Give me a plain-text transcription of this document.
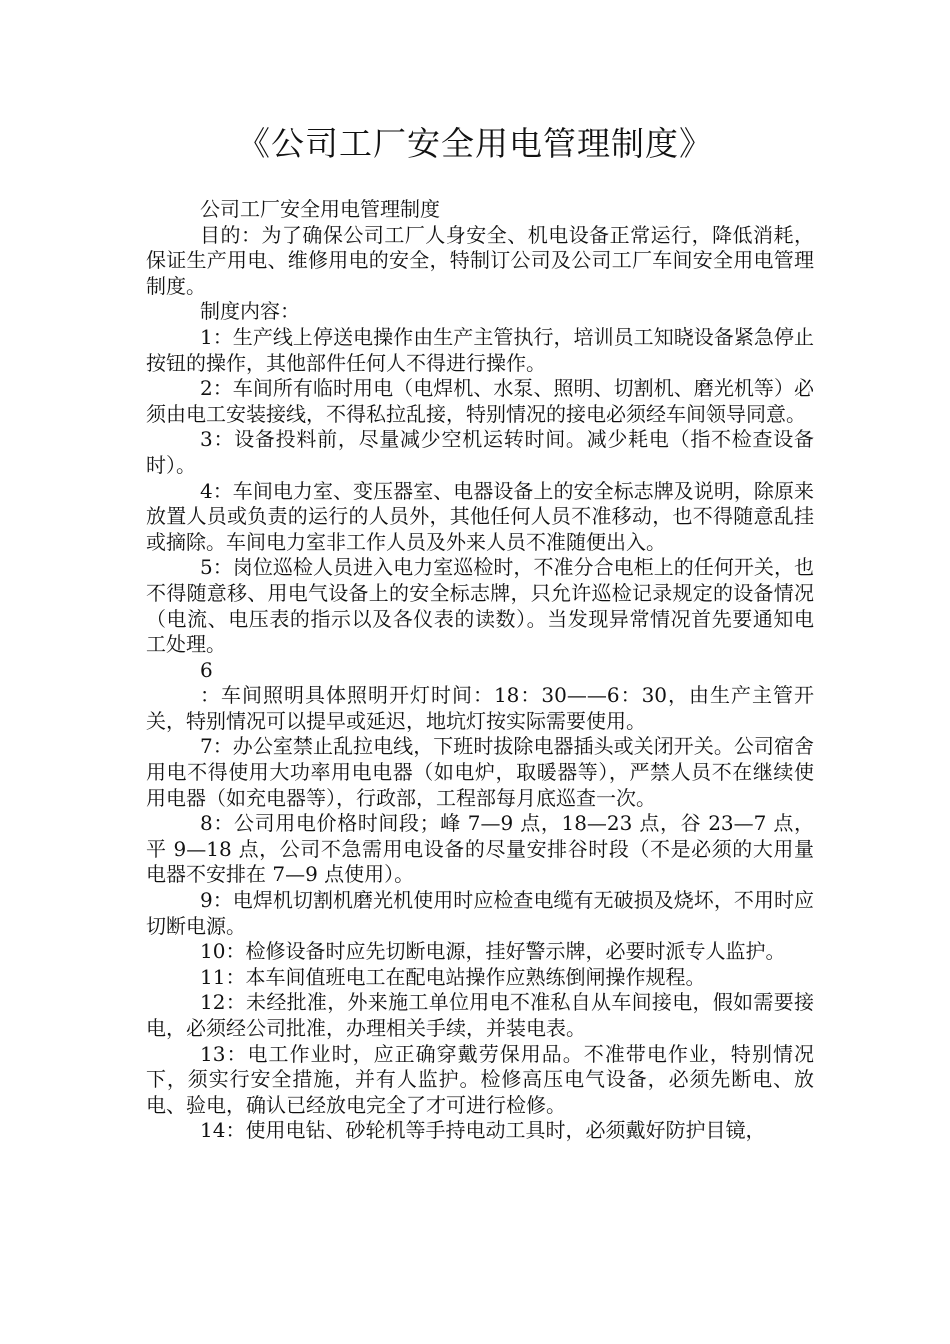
《公司工厂安全用电管理制度》

公司工厂安全用电管理制度

目的：为了确保公司工厂人身安全、机电设备正常运行，降低消耗，保证生产用电、维修用电的安全，特制订公司及公司工厂车间安全用电管理制度。

制度内容：

1：生产线上停送电操作由生产主管执行，培训员工知晓设备紧急停止按钮的操作，其他部件任何人不得进行操作。

2：车间所有临时用电（电焊机、水泵、照明、切割机、磨光机等）必须由电工安装接线，不得私拉乱接，特别情况的接电必须经车间领导同意。

3：设备投料前，尽量减少空机运转时间。减少耗电（指不检查设备时）。

4：车间电力室、变压器室、电器设备上的安全标志牌及说明，除原来放置人员或负责的运行的人员外，其他任何人员不准移动，也不得随意乱挂或摘除。车间电力室非工作人员及外来人员不准随便出入。

5：岗位巡检人员进入电力室巡检时，不准分合电柜上的任何开关，也不得随意移、用电气设备上的安全标志牌，只允许巡检记录规定的设备情况（电流、电压表的指示以及各仪表的读数）。当发现异常情况首先要通知电工处理。

6

：车间照明具体照明开灯时间：18：30——6：30，由生产主管开关，特别情况可以提早或延迟，地坑灯按实际需要使用。

7：办公室禁止乱拉电线，下班时拔除电器插头或关闭开关。公司宿舍用电不得使用大功率用电电器（如电炉，取暖器等），严禁人员不在继续使用电器（如充电器等），行政部，工程部每月底巡查一次。

8：公司用电价格时间段；峰 7—9 点，18—23 点，谷 23—7 点，平 9—18 点，公司不急需用电设备的尽量安排谷时段（不是必须的大用量电器不安排在 7—9 点使用）。

9：电焊机切割机磨光机使用时应检查电缆有无破损及烧坏，不用时应切断电源。

10：检修设备时应先切断电源，挂好警示牌，必要时派专人监护。

11：本车间值班电工在配电站操作应熟练倒闸操作规程。

12：未经批准，外来施工单位用电不准私自从车间接电，假如需要接电，必须经公司批准，办理相关手续，并装电表。

13：电工作业时，应正确穿戴劳保用品。不准带电作业，特别情况下，须实行安全措施，并有人监护。检修高压电气设备，必须先断电、放电、验电，确认已经放电完全了才可进行检修。

14：使用电钻、砂轮机等手持电动工具时，必须戴好防护目镜，
